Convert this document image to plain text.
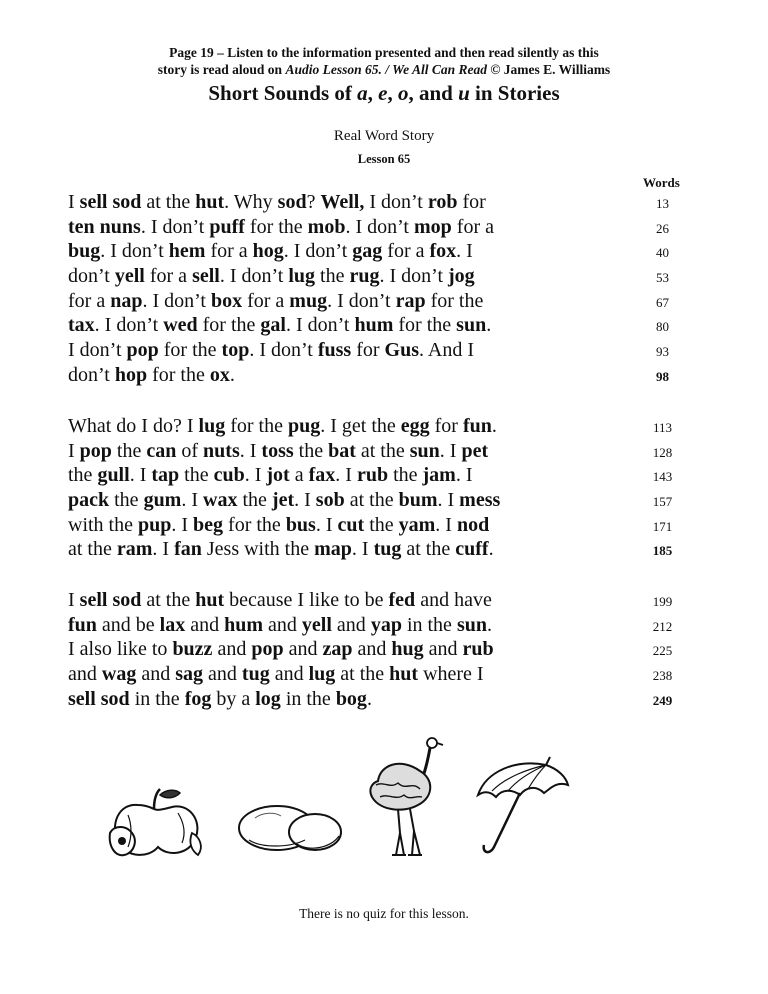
Page 19 – Listen to the information presented and then read silently as this
story is read aloud on Audio Lesson 65. / We All Can Read © James E. Williams
Short Sounds of a, e, o, and u in Stories
Real Word Story
Lesson 65
Words
I sell sod at the hut. Why sod? Well, I don’t rob for
ten nuns. I don’t puff for the mob. I don’t mop for a
bug. I don’t hem for a hog. I don’t gag for a fox. I
don’t yell for a sell. I don’t lug the rug. I don’t jog
for a nap. I don’t box for a mug. I don’t rap for the
tax. I don’t wed for the gal. I don’t hum for the sun.
I don’t pop for the top. I don’t fuss for Gus. And I
don’t hop for the ox.
13
26
40
53
67
80
93
98
What do I do? I lug for the pug. I get the egg for fun.
I pop the can of nuts. I toss the bat at the sun. I pet
the gull. I tap the cub. I jot a fax. I rub the jam. I
pack the gum. I wax the jet. I sob at the bum. I mess
with the pup. I beg for the bus. I cut the yam. I nod
at the ram. I fan Jess with the map. I tug at the cuff.
113
128
143
157
171
185
I sell sod at the hut because I like to be fed and have
fun and be lax and hum and yell and yap in the sun.
I also like to buzz and pop and zap and hug and rub
and wag and sag and tug and lug at the hut where I
sell sod in the fog by a log in the bog.
199
212
225
238
249
There is no quiz for this lesson.
